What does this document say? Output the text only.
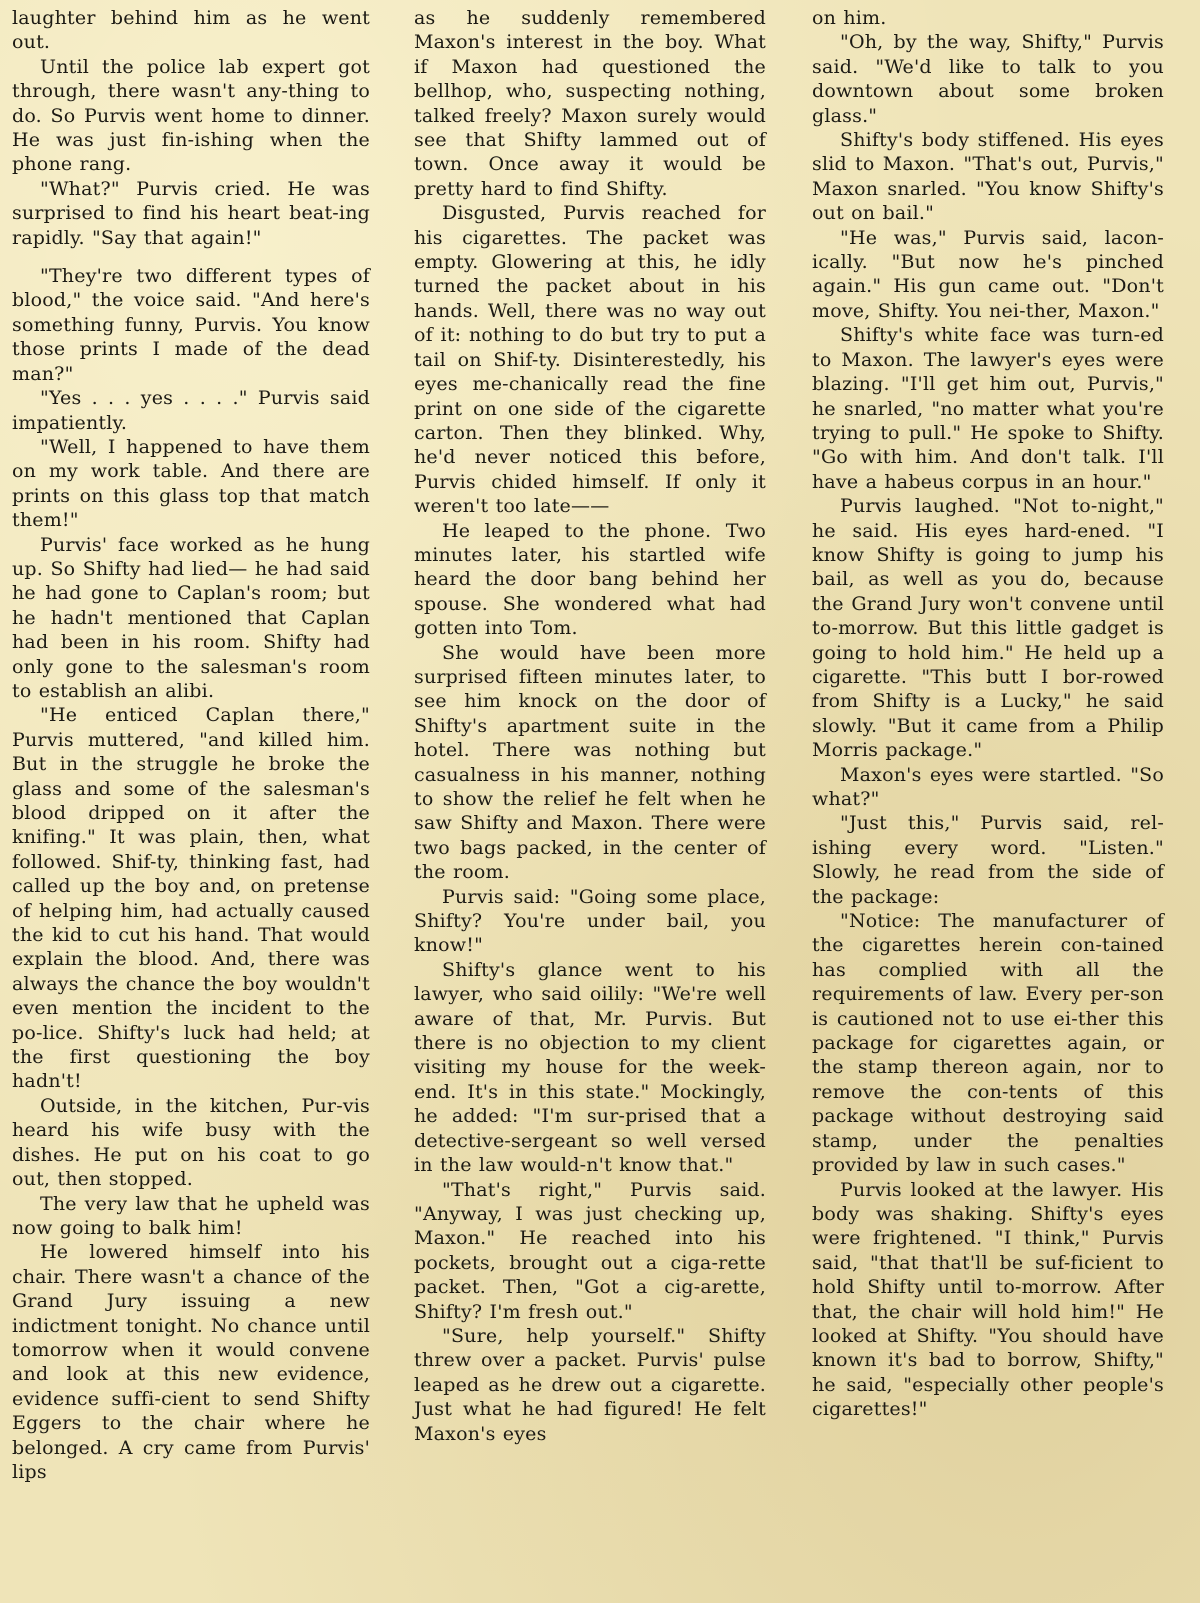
laughter behind him as he went out.

Until the police lab expert got through, there wasn't any-thing to do. So Purvis went home to dinner. He was just fin-ishing when the phone rang.

"What?" Purvis cried. He was surprised to find his heart beat-ing rapidly. "Say that again!"

"They're two different types of blood," the voice said. "And here's something funny, Purvis. You know those prints I made of the dead man?"

"Yes . . . yes . . . ." Purvis said impatiently.

"Well, I happened to have them on my work table. And there are prints on this glass top that match them!"

Purvis' face worked as he hung up. So Shifty had lied— he had said he had gone to Caplan's room; but he hadn't mentioned that Caplan had been in his room. Shifty had only gone to the salesman's room to establish an alibi.

"He enticed Caplan there," Purvis muttered, "and killed him. But in the struggle he broke the glass and some of the salesman's blood dripped on it after the knifing." It was plain, then, what followed. Shif-ty, thinking fast, had called up the boy and, on pretense of helping him, had actually caused the kid to cut his hand. That would explain the blood. And, there was always the chance the boy wouldn't even mention the incident to the po-lice. Shifty's luck had held; at the first questioning the boy hadn't!

Outside, in the kitchen, Pur-vis heard his wife busy with the dishes. He put on his coat to go out, then stopped.

The very law that he upheld was now going to balk him!

He lowered himself into his chair. There wasn't a chance of the Grand Jury issuing a new indictment tonight. No chance until tomorrow when it would convene and look at this new evidence, evidence suffi-cient to send Shifty Eggers to the chair where he belonged. A cry came from Purvis' lips

as he suddenly remembered Maxon's interest in the boy. What if Maxon had questioned the bellhop, who, suspecting nothing, talked freely? Maxon surely would see that Shifty lammed out of town. Once away it would be pretty hard to find Shifty.

Disgusted, Purvis reached for his cigarettes. The packet was empty. Glowering at this, he idly turned the packet about in his hands. Well, there was no way out of it: nothing to do but try to put a tail on Shif-ty. Disinterestedly, his eyes me-chanically read the fine print on one side of the cigarette carton. Then they blinked. Why, he'd never noticed this before, Purvis chided himself. If only it weren't too late——

He leaped to the phone. Two minutes later, his startled wife heard the door bang behind her spouse. She wondered what had gotten into Tom.

She would have been more surprised fifteen minutes later, to see him knock on the door of Shifty's apartment suite in the hotel. There was nothing but casualness in his manner, nothing to show the relief he felt when he saw Shifty and Maxon. There were two bags packed, in the center of the room.

Purvis said: "Going some place, Shifty? You're under bail, you know!"

Shifty's glance went to his lawyer, who said oilily: "We're well aware of that, Mr. Purvis. But there is no objection to my client visiting my house for the week-end. It's in this state." Mockingly, he added: "I'm sur-prised that a detective-sergeant so well versed in the law would-n't know that."

"That's right," Purvis said. "Anyway, I was just checking up, Maxon." He reached into his pockets, brought out a ciga-rette packet. Then, "Got a cig-arette, Shifty? I'm fresh out."

"Sure, help yourself." Shifty threw over a packet. Purvis' pulse leaped as he drew out a cigarette. Just what he had figured! He felt Maxon's eyes

on him.

"Oh, by the way, Shifty," Purvis said. "We'd like to talk to you downtown about some broken glass."

Shifty's body stiffened. His eyes slid to Maxon. "That's out, Purvis," Maxon snarled. "You know Shifty's out on bail."

"He was," Purvis said, lacon-ically. "But now he's pinched again." His gun came out. "Don't move, Shifty. You nei-ther, Maxon."

Shifty's white face was turn-ed to Maxon. The lawyer's eyes were blazing. "I'll get him out, Purvis," he snarled, "no matter what you're trying to pull." He spoke to Shifty. "Go with him. And don't talk. I'll have a habeus corpus in an hour."

Purvis laughed. "Not to-night," he said. His eyes hard-ened. "I know Shifty is going to jump his bail, as well as you do, because the Grand Jury won't convene until to-morrow. But this little gadget is going to hold him." He held up a cigarette. "This butt I bor-rowed from Shifty is a Lucky," he said slowly. "But it came from a Philip Morris package."

Maxon's eyes were startled. "So what?"

"Just this," Purvis said, rel-ishing every word. "Listen." Slowly, he read from the side of the package:

"Notice: The manufacturer of the cigarettes herein con-tained has complied with all the requirements of law. Every per-son is cautioned not to use ei-ther this package for cigarettes again, or the stamp thereon again, nor to remove the con-tents of this package without destroying said stamp, under the penalties provided by law in such cases."

Purvis looked at the lawyer. His body was shaking. Shifty's eyes were frightened. "I think," Purvis said, "that that'll be suf-ficient to hold Shifty until to-morrow. After that, the chair will hold him!" He looked at Shifty. "You should have known it's bad to borrow, Shifty," he said, "especially other people's cigarettes!"
